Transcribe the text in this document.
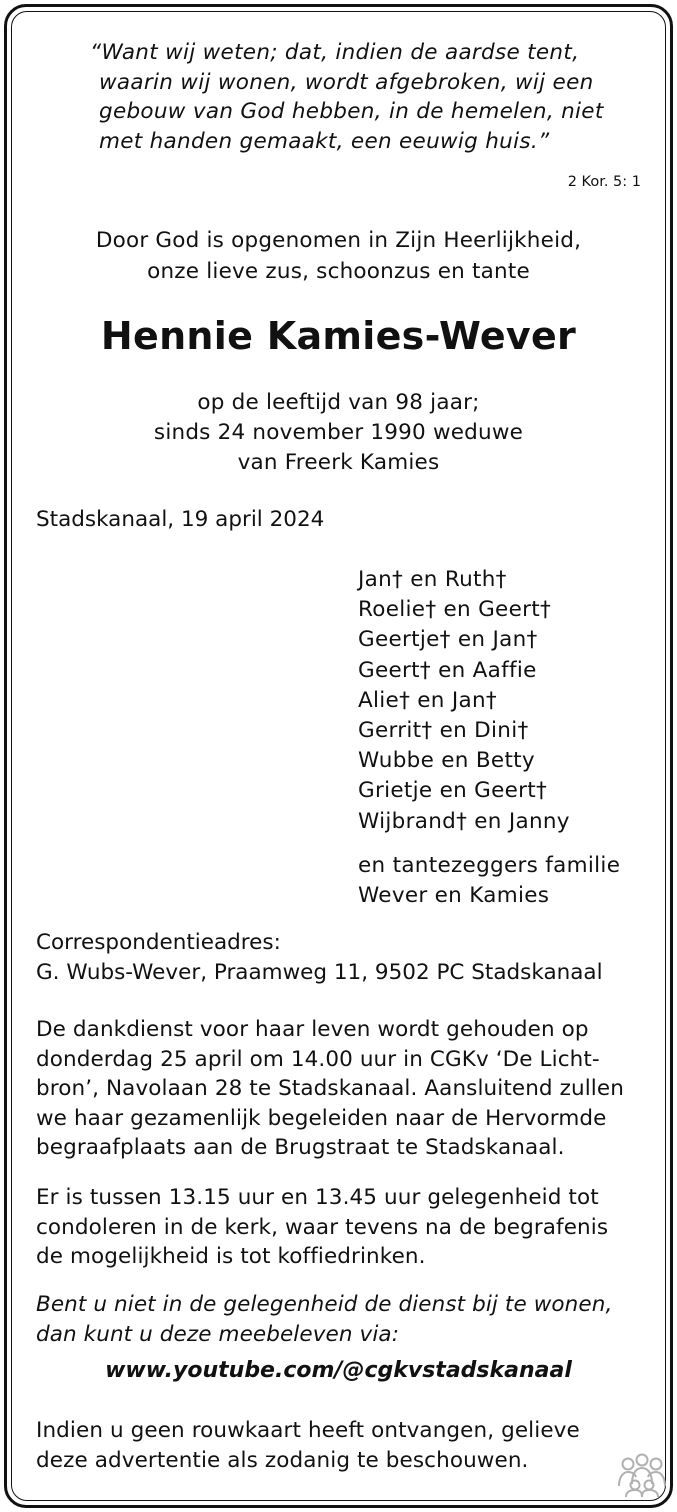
“Want wij weten; dat, indien de aardse tent,
waarin wij wonen, wordt afgebroken, wij een
gebouw van God hebben, in de hemelen, niet
met handen gemaakt, een eeuwig huis.”
2 Kor. 5: 1
Door God is opgenomen in Zijn Heerlijkheid,
onze lieve zus, schoonzus en tante
Hennie Kamies-Wever
op de leeftijd van 98 jaar;
sinds 24 november 1990 weduwe
van Freerk Kamies
Stadskanaal, 19 april 2024
Jan† en Ruth†
Roelie† en Geert†
Geertje† en Jan†
Geert† en Aaffie
Alie† en Jan†
Gerrit† en Dini†
Wubbe en Betty
Grietje en Geert†
Wijbrand† en Janny
en tantezeggers familie
Wever en Kamies
Correspondentieadres:
G. Wubs-Wever, Praamweg 11, 9502 PC Stadskanaal
De dankdienst voor haar leven wordt gehouden op
donderdag 25 april om 14.00 uur in CGKv ‘De Licht-
bron’, Navolaan 28 te Stadskanaal. Aansluitend zullen
we haar gezamenlijk begeleiden naar de Hervormde
begraafplaats aan de Brugstraat te Stadskanaal.
Er is tussen 13.15 uur en 13.45 uur gelegenheid tot
condoleren in de kerk, waar tevens na de begrafenis
de mogelijkheid is tot koffiedrinken.
Bent u niet in de gelegenheid de dienst bij te wonen,
dan kunt u deze meebeleven via:
www.youtube.com/@cgkvstadskanaal
Indien u geen rouwkaart heeft ontvangen, gelieve
deze advertentie als zodanig te beschouwen.
